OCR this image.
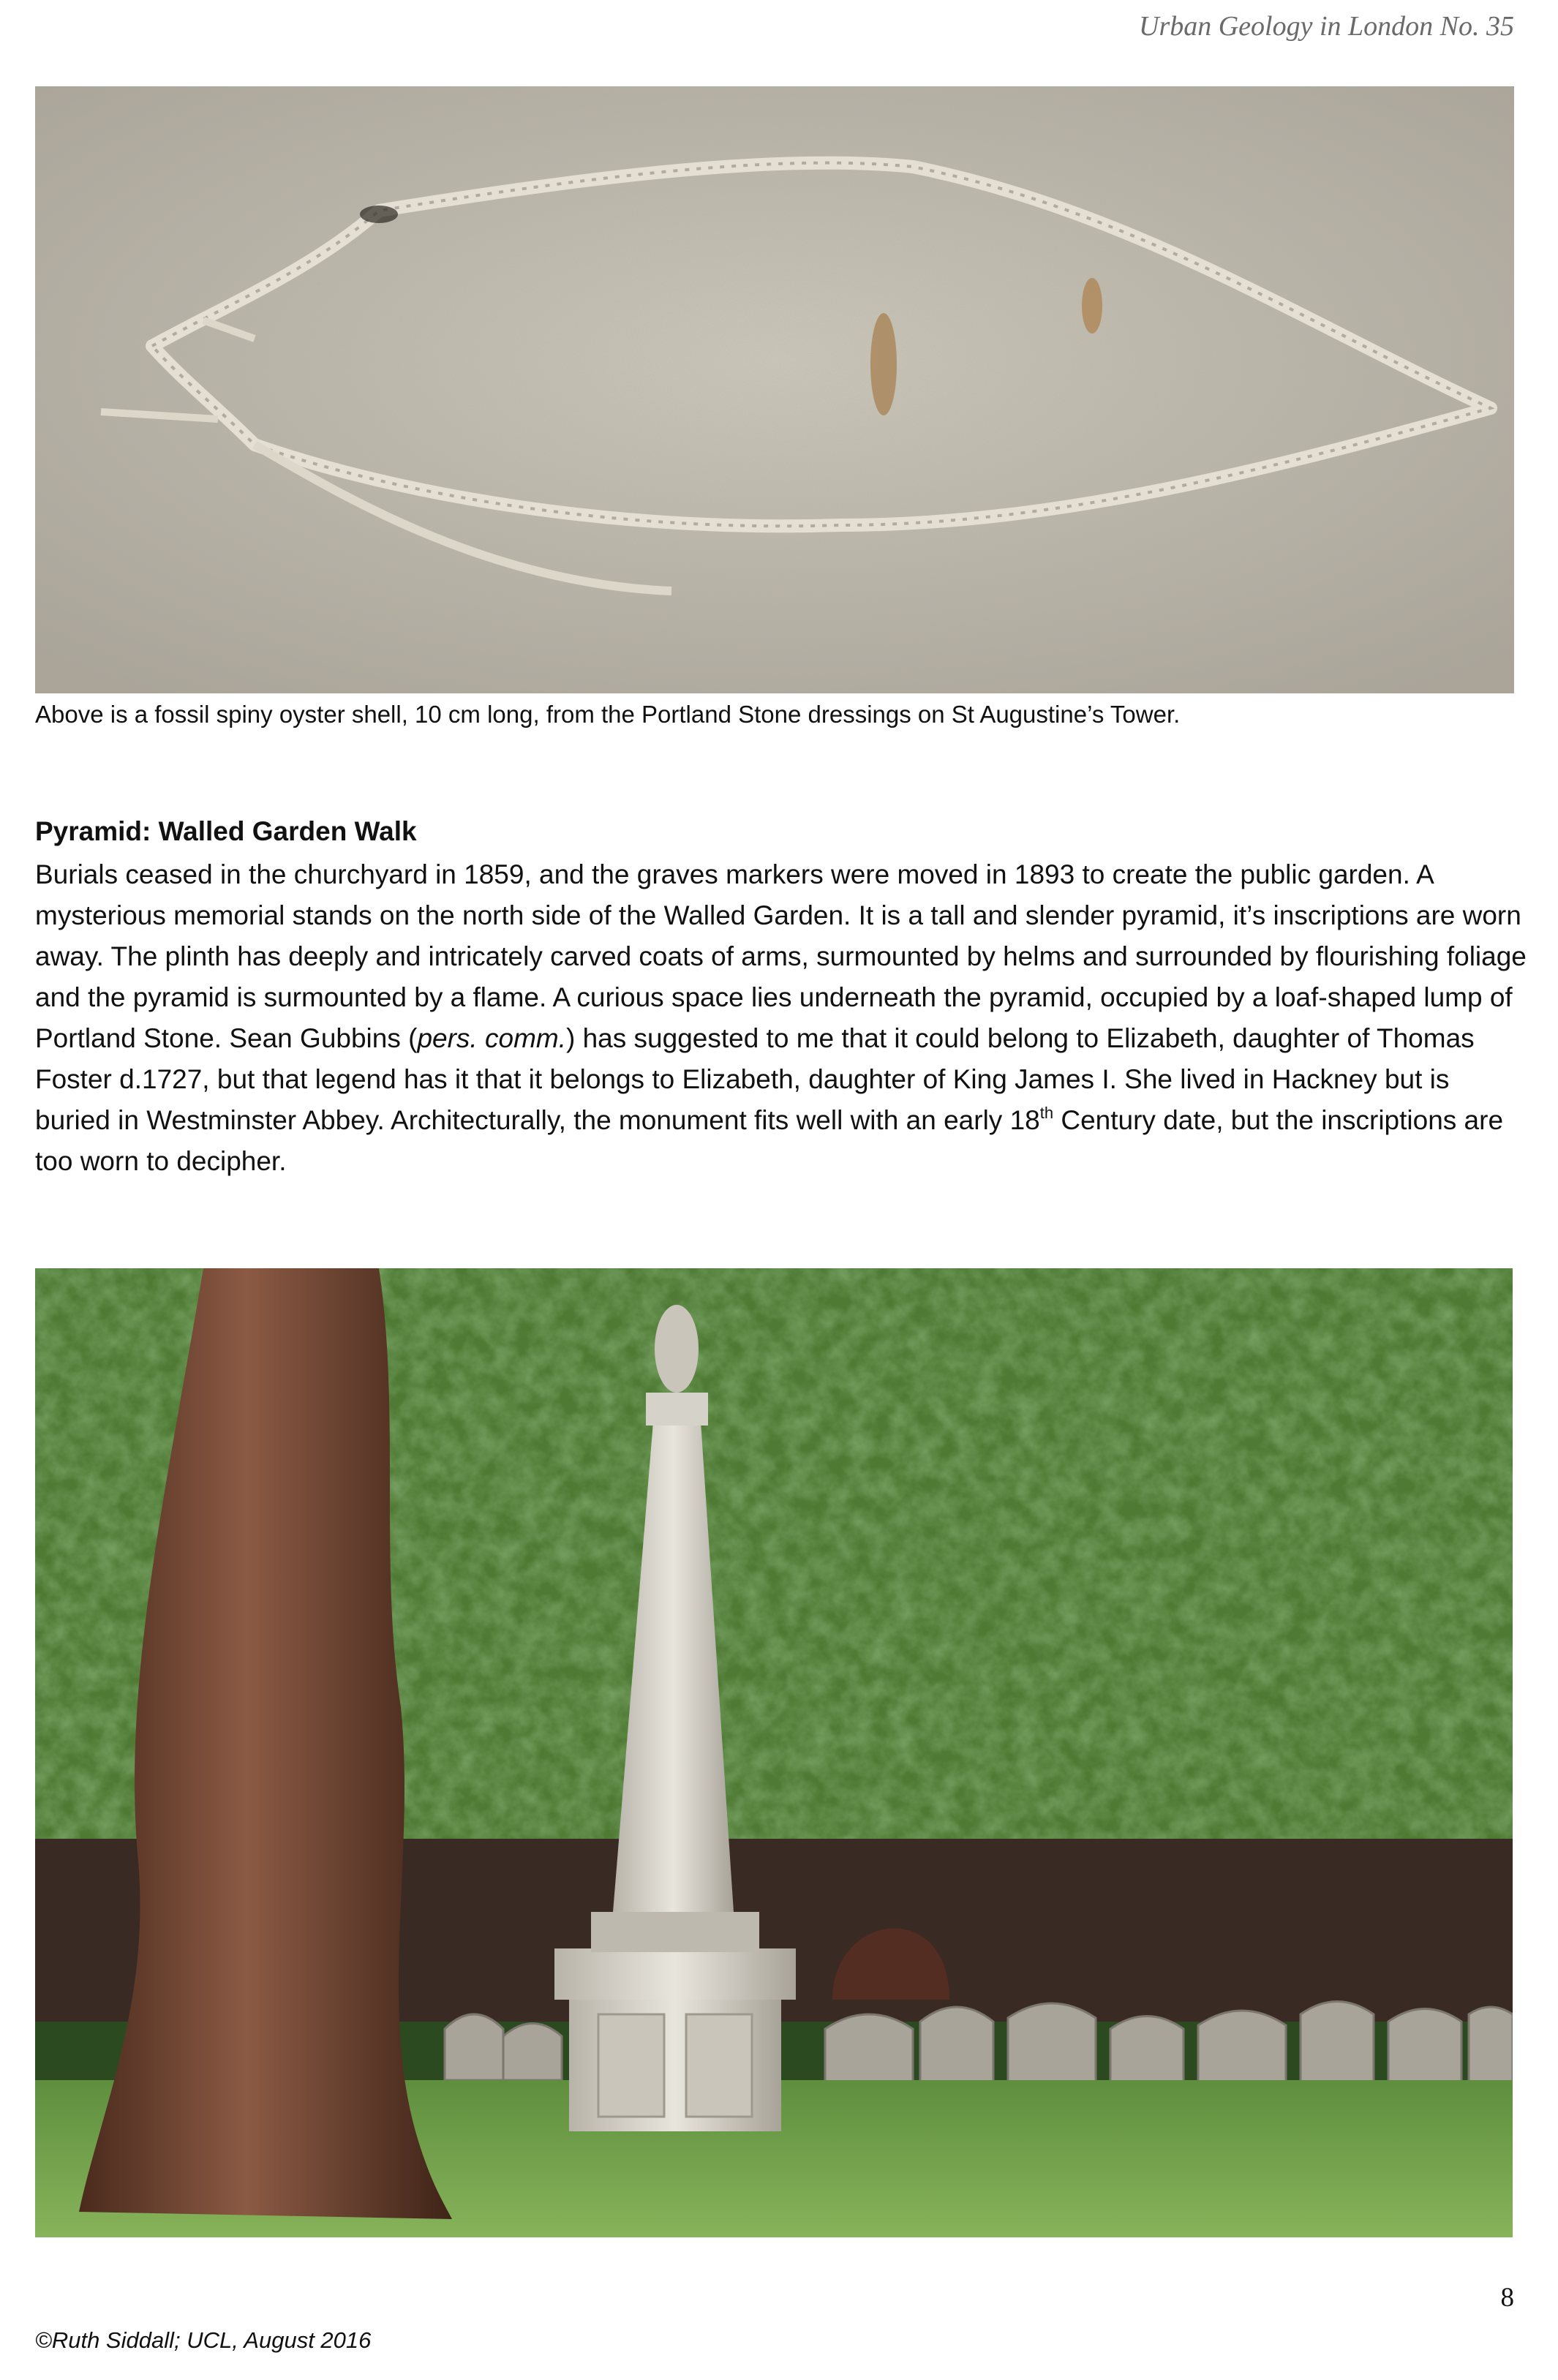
Urban Geology in London No. 35
Above is a fossil spiny oyster shell, 10 cm long, from the Portland Stone dressings on St Augustine’s Tower.
Pyramid: Walled Garden Walk
Burials ceased in the churchyard in 1859, and the graves markers were moved in 1893 to create the public garden. A mysterious memorial stands on the north side of the Walled Garden. It is a tall and slender pyramid, it’s inscriptions are worn away. The plinth has deeply and intricately carved coats of arms, surmounted by helms and surrounded by flourishing foliage and the pyramid is surmounted by a flame. A curious space lies underneath the pyramid, occupied by a loaf-shaped lump of Portland Stone. Sean Gubbins (pers. comm.) has suggested to me that it could belong to Elizabeth, daughter of Thomas Foster d.1727, but that legend has it that it belongs to Elizabeth, daughter of King James I. She lived in Hackney but is buried in Westminster Abbey. Architecturally, the monument fits well with an early 18th Century date, but the inscriptions are too worn to decipher.
8
©Ruth Siddall; UCL, August 2016
